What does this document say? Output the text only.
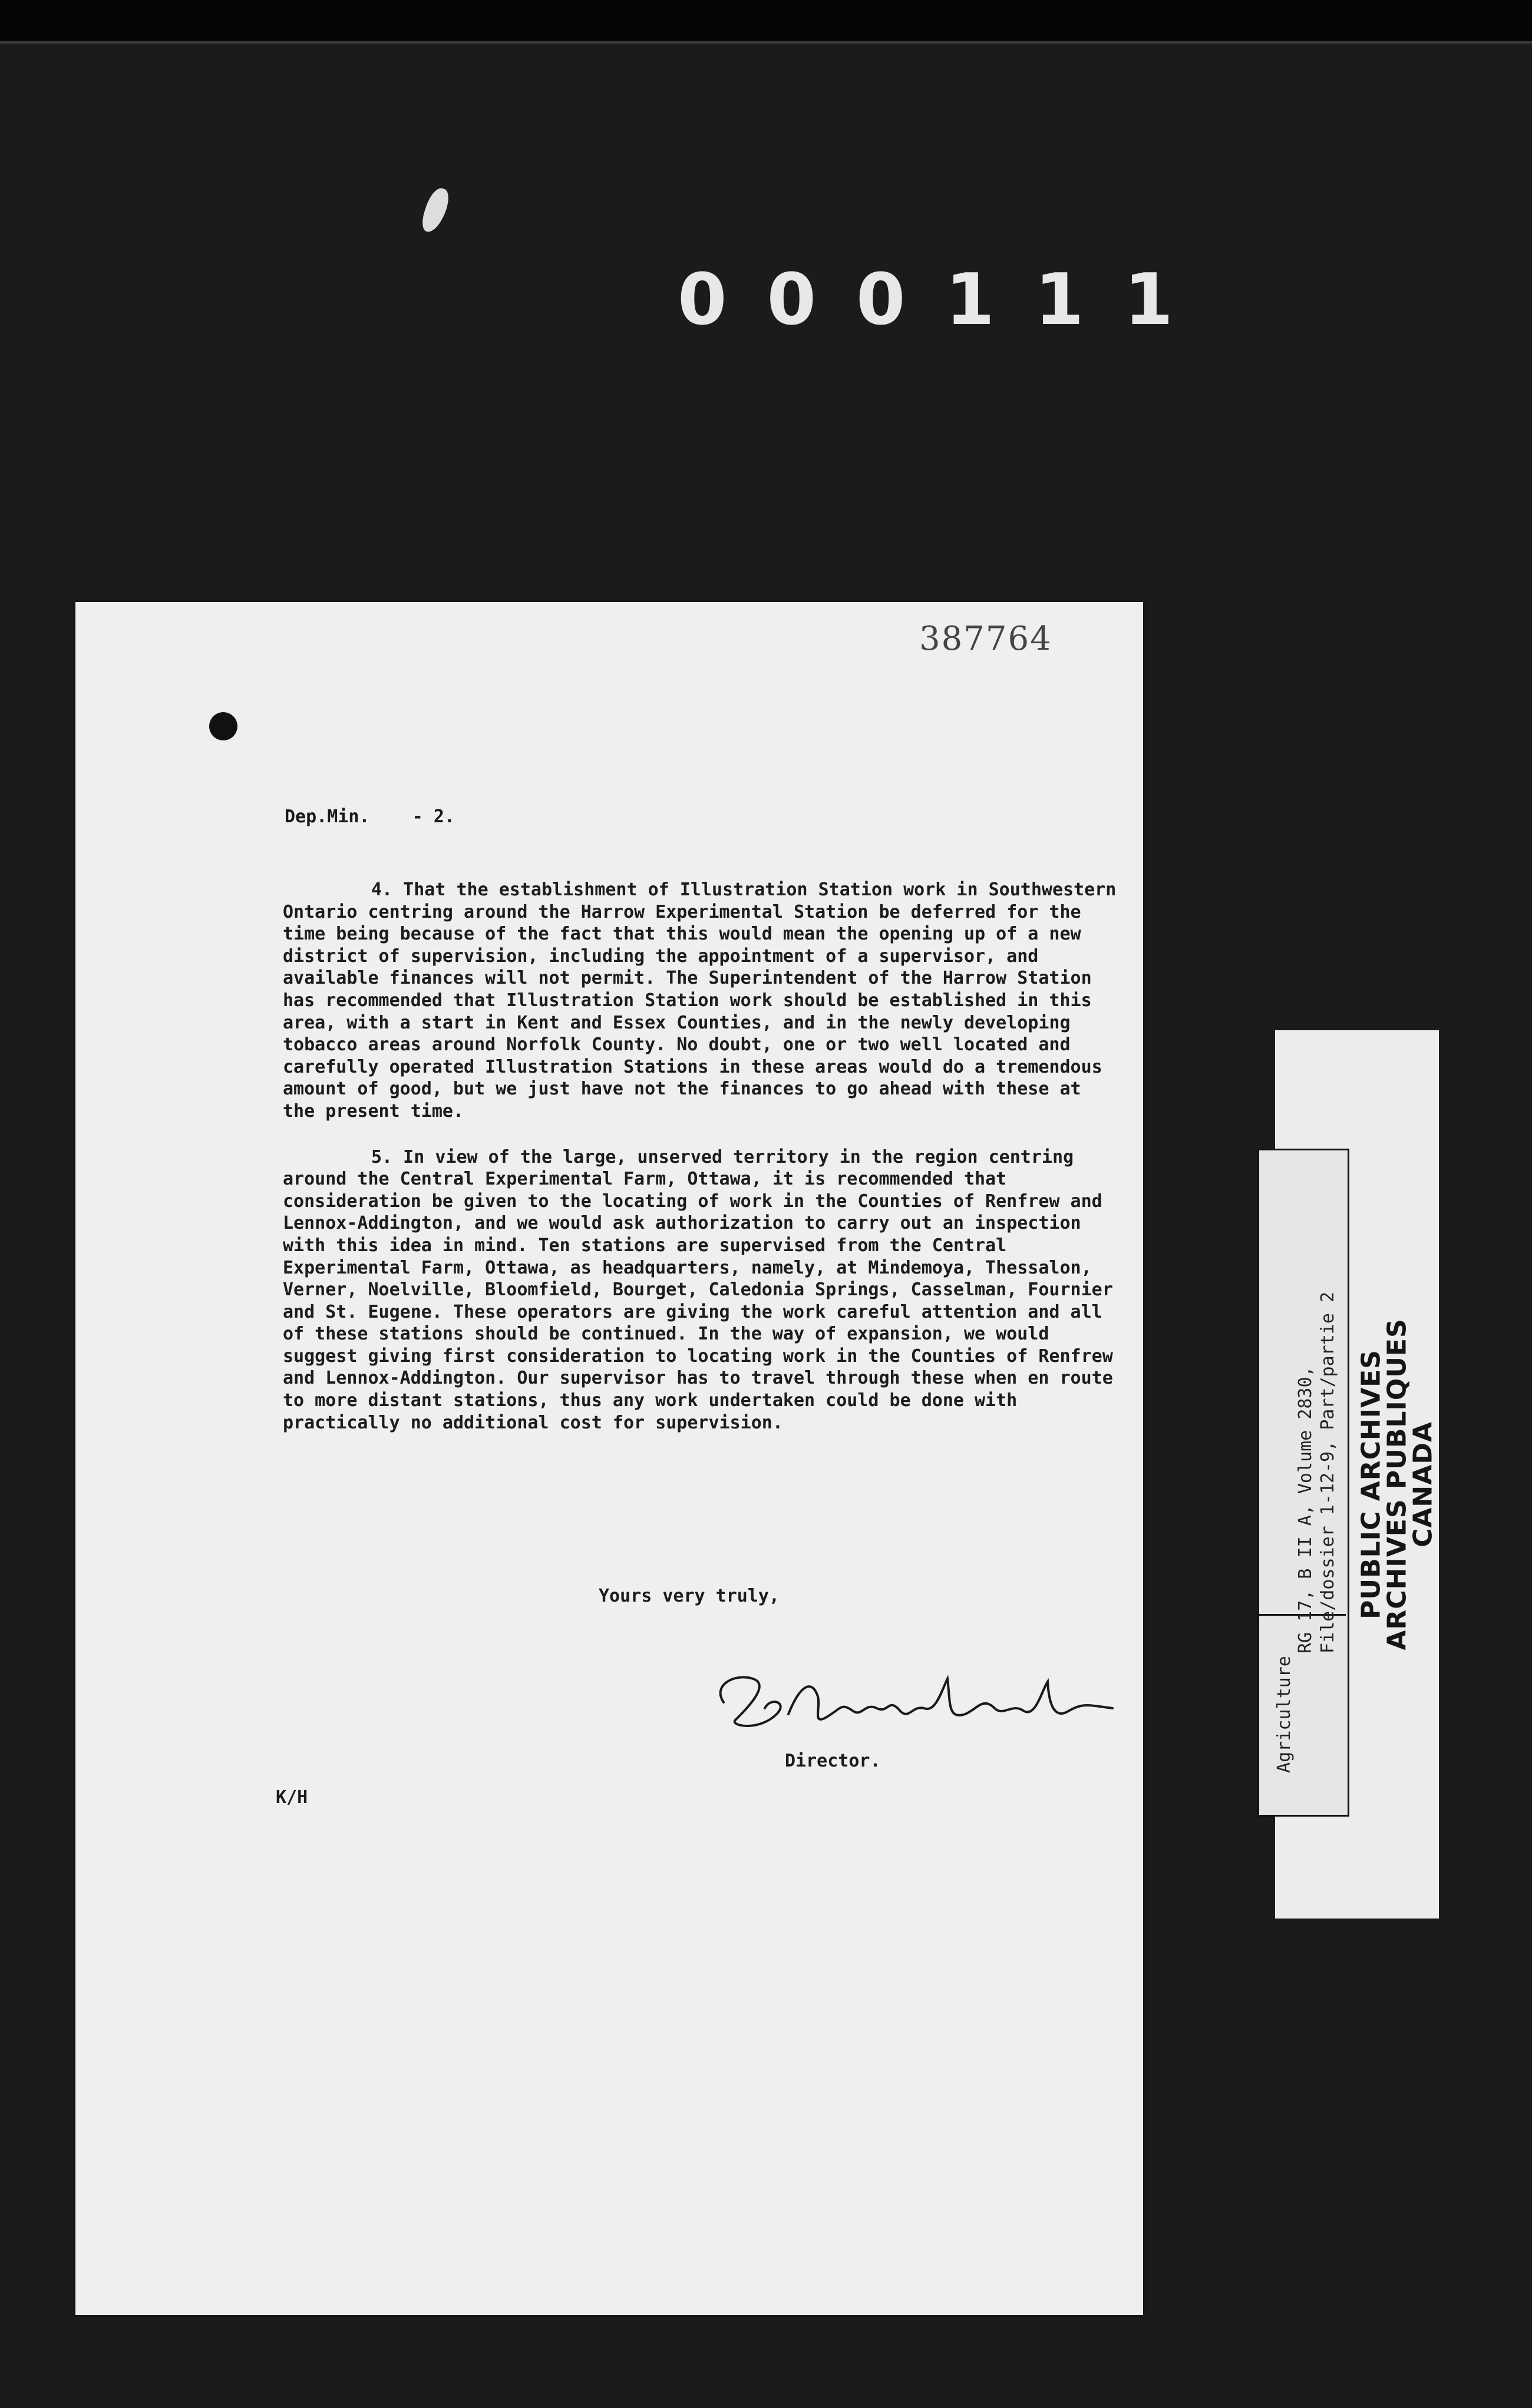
000111
387764
Dep.Min.    - 2.

4. That the establishment of Illustration Station work in Southwestern Ontario centring around the Harrow Experimental Station be deferred for the time being because of the fact that this would mean the opening up of a new district of supervision, including the appointment of a supervisor, and available finances will not permit. The Superintendent of the Harrow Station has recommended that Illustration Station work should be established in this area, with a start in Kent and Essex Counties, and in the newly developing tobacco areas around Norfolk County. No doubt, one or two well located and carefully operated Illustration Stations in these areas would do a tremendous amount of good, but we just have not the finances to go ahead with these at the present time.

5. In view of the large, unserved territory in the region centring around the Central Experimental Farm, Ottawa, it is recommended that consideration be given to the locating of work in the Counties of Renfrew and Lennox-Addington, and we would ask authorization to carry out an inspection with this idea in mind. Ten stations are supervised from the Central Experimental Farm, Ottawa, as headquarters, namely, at Mindemoya, Thessalon, Verner, Noelville, Bloomfield, Bourget, Caledonia Springs, Casselman, Fournier and St. Eugene. These operators are giving the work careful attention and all of these stations should be continued. In the way of expansion, we would suggest giving first consideration to locating work in the Counties of Renfrew and Lennox-Addington. Our supervisor has to travel through these when en route to more distant stations, thus any work undertaken could be done with practically no additional cost for supervision.

Yours very truly,
Director.
K/H
PUBLIC ARCHIVES
ARCHIVES PUBLIQUES
CANADA
RG 17, B II A, Volume 2830, File/dossier 1-12-9, Part/partie 2
Agriculture
